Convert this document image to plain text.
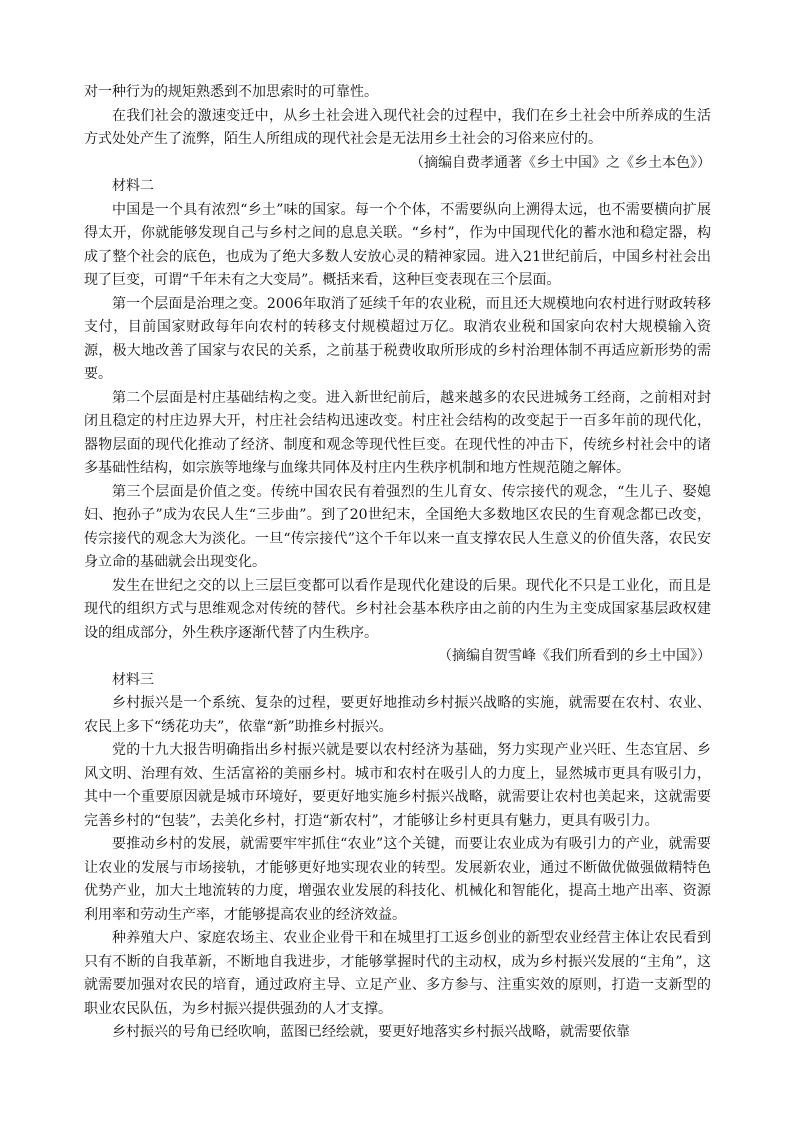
对一种行为的规矩熟悉到不加思索时的可靠性。

在我们社会的激速变迁中，从乡土社会进入现代社会的过程中，我们在乡土社会中所养成的生活方式处处产生了流弊，陌生人所组成的现代社会是无法用乡土社会的习俗来应付的。

（摘编自费孝通著《乡土中国》之《乡土本色》）

材料二

中国是一个具有浓烈“乡土”味的国家。每一个个体，不需要纵向上溯得太远，也不需要横向扩展得太开，你就能够发现自己与乡村之间的息息关联。“乡村”，作为中国现代化的蓄水池和稳定器，构成了整个社会的底色，也成为了绝大多数人安放心灵的精神家园。进入21世纪前后，中国乡村社会出现了巨变，可谓“千年未有之大变局”。概括来看，这种巨变表现在三个层面。

第一个层面是治理之变。2006年取消了延续千年的农业税，而且还大规模地向农村进行财政转移支付，目前国家财政每年向农村的转移支付规模超过万亿。取消农业税和国家向农村大规模输入资源，极大地改善了国家与农民的关系，之前基于税费收取所形成的乡村治理体制不再适应新形势的需要。

第二个层面是村庄基础结构之变。进入新世纪前后，越来越多的农民进城务工经商，之前相对封闭且稳定的村庄边界大开，村庄社会结构迅速改变。村庄社会结构的改变起于一百多年前的现代化，器物层面的现代化推动了经济、制度和观念等现代性巨变。在现代性的冲击下，传统乡村社会中的诸多基础性结构，如宗族等地缘与血缘共同体及村庄内生秩序机制和地方性规范随之解体。

第三个层面是价值之变。传统中国农民有着强烈的生儿育女、传宗接代的观念，“生儿子、娶媳妇、抱孙子”成为农民人生“三步曲”。到了20世纪末，全国绝大多数地区农民的生育观念都已改变，传宗接代的观念大为淡化。一旦“传宗接代”这个千年以来一直支撑农民人生意义的价值失落，农民安身立命的基础就会出现变化。

发生在世纪之交的以上三层巨变都可以看作是现代化建设的后果。现代化不只是工业化，而且是现代的组织方式与思维观念对传统的替代。乡村社会基本秩序由之前的内生为主变成国家基层政权建设的组成部分，外生秩序逐渐代替了内生秩序。

（摘编自贺雪峰《我们所看到的乡土中国》）

材料三

乡村振兴是一个系统、复杂的过程，要更好地推动乡村振兴战略的实施，就需要在农村、农业、农民上多下“绣花功夫”，依靠“新”助推乡村振兴。

党的十九大报告明确指出乡村振兴就是要以农村经济为基础，努力实现产业兴旺、生态宜居、乡风文明、治理有效、生活富裕的美丽乡村。城市和农村在吸引人的力度上，显然城市更具有吸引力，其中一个重要原因就是城市环境好，要更好地实施乡村振兴战略，就需要让农村也美起来，这就需要完善乡村的“包装”，去美化乡村，打造“新农村”，才能够让乡村更具有魅力，更具有吸引力。

要推动乡村的发展，就需要牢牢抓住“农业”这个关键，而要让农业成为有吸引力的产业，就需要让农业的发展与市场接轨，才能够更好地实现农业的转型。发展新农业，通过不断做优做强做精特色优势产业，加大土地流转的力度，增强农业发展的科技化、机械化和智能化，提高土地产出率、资源利用率和劳动生产率，才能够提高农业的经济效益。

种养殖大户、家庭农场主、农业企业骨干和在城里打工返乡创业的新型农业经营主体让农民看到只有不断的自我革新，不断地自我进步，才能够掌握时代的主动权，成为乡村振兴发展的“主角”，这就需要加强对农民的培育，通过政府主导、立足产业、多方参与、注重实效的原则，打造一支新型的职业农民队伍，为乡村振兴提供强劲的人才支撑。

乡村振兴的号角已经吹响，蓝图已经绘就，要更好地落实乡村振兴战略，就需要依靠
